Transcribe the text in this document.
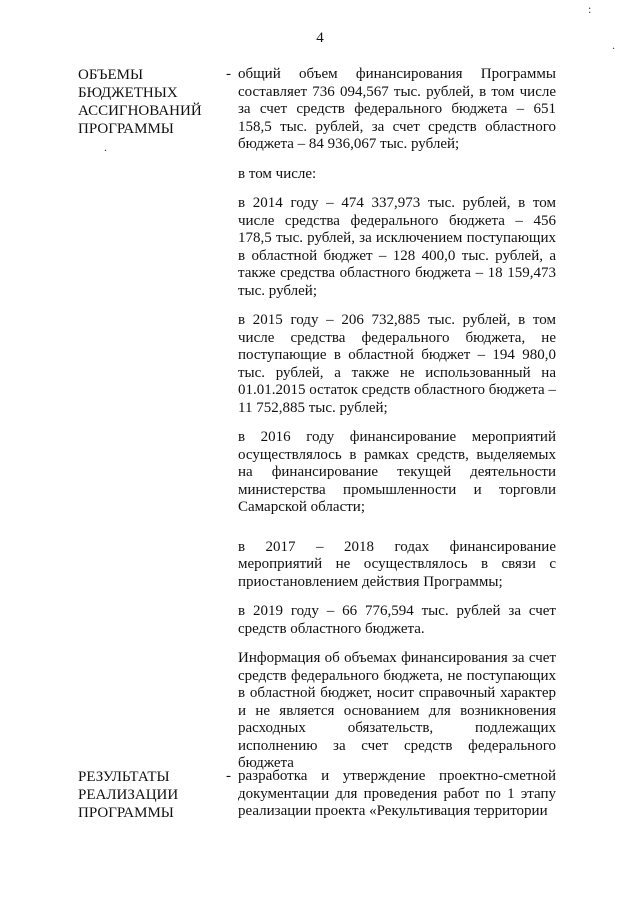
4
ОБЪЕМЫ
БЮДЖЕТНЫХ
АССИГНОВАНИЙ
ПРОГРАММЫ
- общий объем финансирования Программы составляет 736 094,567 тыс. рублей, в том числе за счет средств федерального бюджета – 651 158,5 тыс. рублей, за счет средств областного бюджета – 84 936,067 тыс. рублей;
в том числе:
в 2014 году – 474 337,973 тыс. рублей, в том числе средства федерального бюджета – 456 178,5 тыс. рублей, за исключением поступающих в областной бюджет – 128 400,0 тыс. рублей, а также средства областного бюджета – 18 159,473 тыс. рублей;
в 2015 году – 206 732,885 тыс. рублей, в том числе средства федерального бюджета, не поступающие в областной бюджет – 194 980,0 тыс. рублей, а также не использованный на 01.01.2015 остаток средств областного бюджета – 11 752,885 тыс. рублей;
в 2016 году финансирование мероприятий осуществлялось в рамках средств, выделяемых на финансирование текущей деятельности министерства промышленности и торговли Самарской области;
в 2017 – 2018 годах финансирование мероприятий не осуществлялось в связи с приостановлением действия Программы;
в 2019 году – 66 776,594 тыс. рублей за счет средств областного бюджета.
Информация об объемах финансирования за счет средств федерального бюджета, не поступающих в областной бюджет, носит справочный характер и не является основанием для возникновения расходных обязательств, подлежащих исполнению за счет средств федерального бюджета
РЕЗУЛЬТАТЫ
РЕАЛИЗАЦИИ
ПРОГРАММЫ
- разработка и утверждение проектно-сметной документации для проведения работ по 1 этапу реализации проекта «Рекультивация территории
:
.
.
